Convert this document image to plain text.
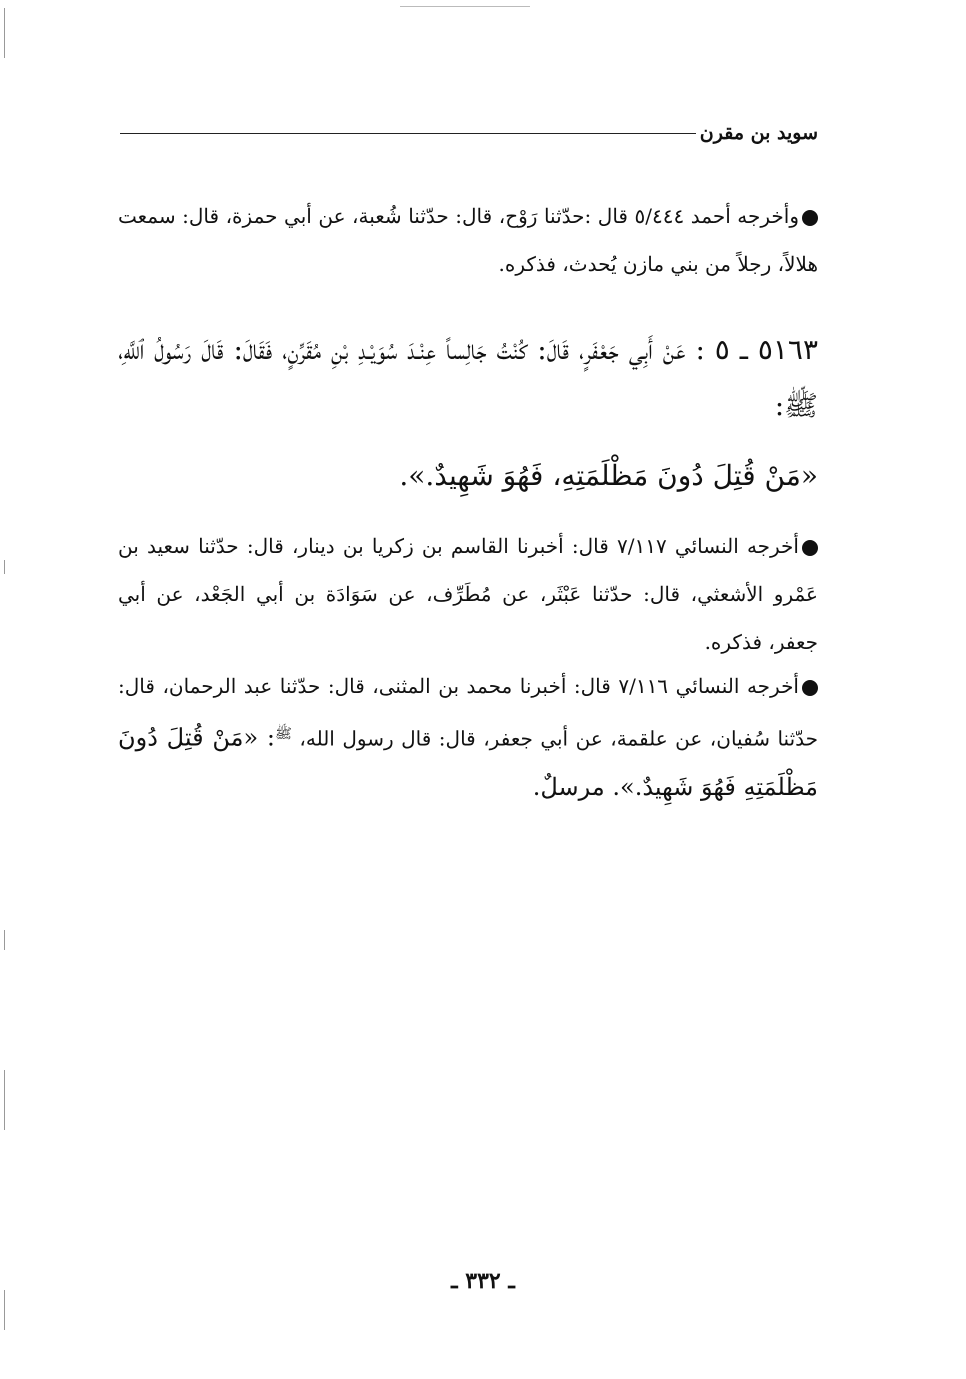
سويد بن مقرن

وأخرجه أحمد ٥/٤٤٤ قال :حدّثنا رَوْح، قال: حدّثنا شُعبة، عن أبي حمزة، قال: سمعت هلالاً، رجلاً من بني مازن يُحدث، فذكره.

٥١٦٣ ـ ٥ : عَنْ أَبِي جَعْفَرٍ، قَالَ: كُنْتُ جَالِساً عِنْـدَ سُوَيْـدِ بْنِ مُقَرِّنٍ، فَقَالَ: قَالَ رَسُولُ ٱللَّهِ، ﷺ:

«مَنْ قُتِلَ دُونَ مَظْلَمَتِهِ، فَهُوَ شَهِيدٌ.».

أخرجه النسائي ٧/١١٧ قال: أخبرنا القاسم بن زكريا بن دينار، قال: حدّثنا سعيد بن عَمْرو الأشعثي، قال: حدّثنا عَبْثَر، عن مُطَرِّف، عن سَوَادَة بن أبي الجَعْد، عن أبي جعفر، فذكره.

أخرجه النسائي ٧/١١٦ قال: أخبرنا محمد بن المثنى، قال: حدّثنا عبد الرحمان، قال: حدّثنا سُفيان، عن علقمة، عن أبي جعفر، قال: قال رسول الله، $^ﷺ$: «مَنْ قُتِلَ دُونَ مَظْلَمَتِهِ فَهُوَ شَهِيدٌ.». مرسلٌ.

ـ ٣٣٢ ـ
